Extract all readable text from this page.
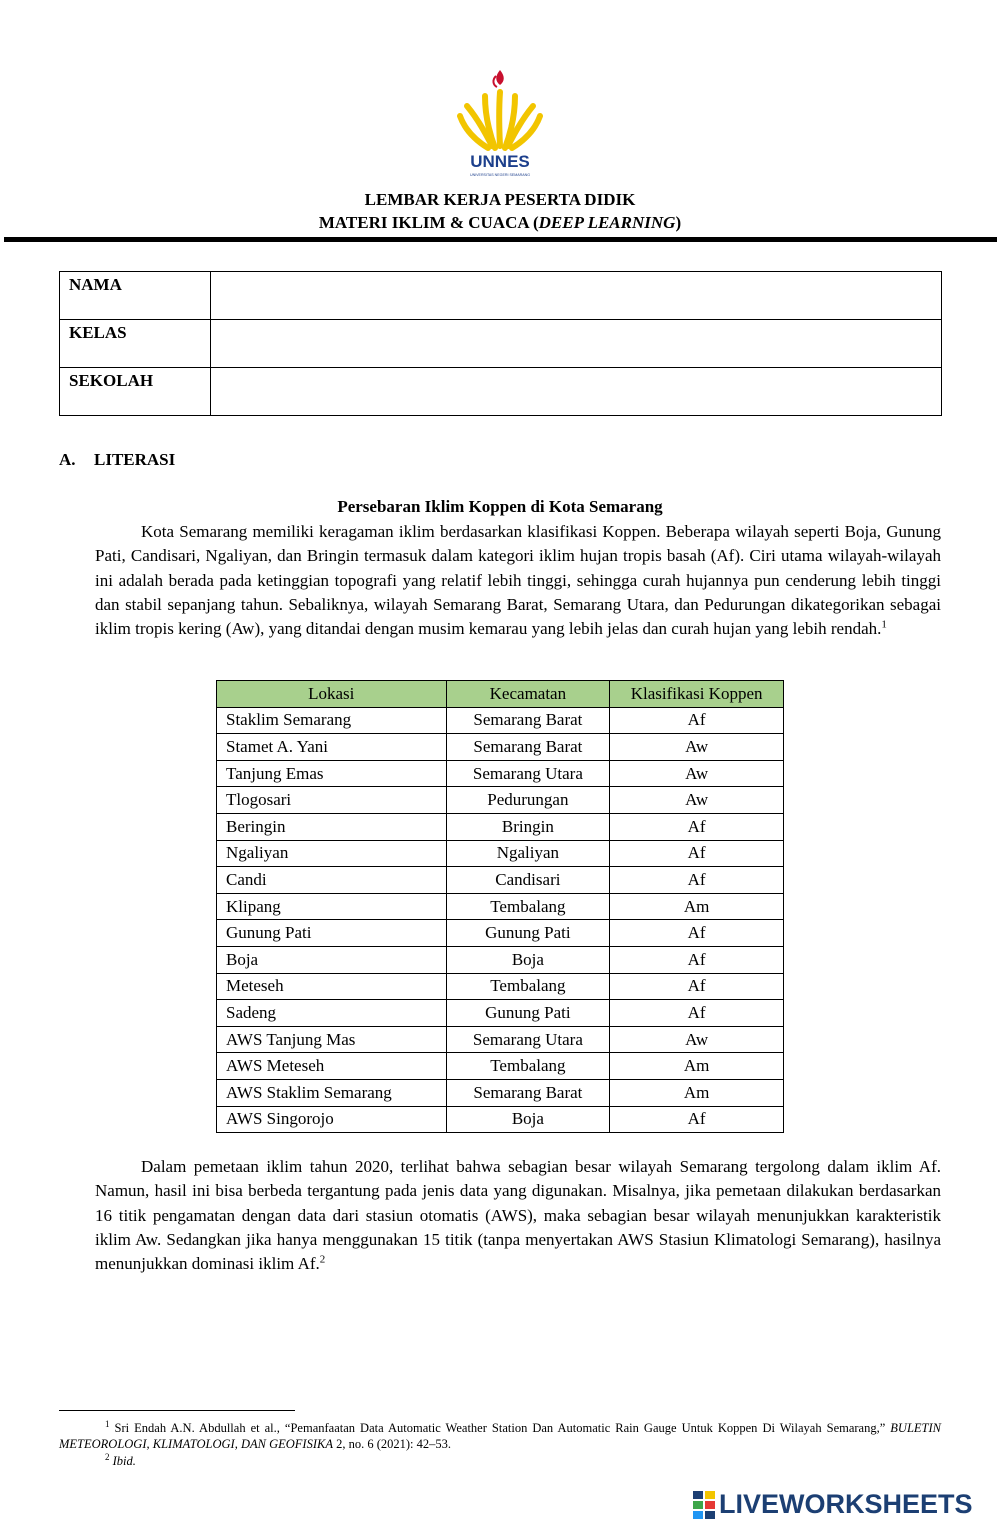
UNNES
UNIVERSITAS NEGERI SEMARANG
LEMBAR KERJA PESERTA DIDIK
MATERI IKLIM & CUACA (DEEP LEARNING)
NAMA	
KELAS	
SEKOLAH	
A. LITERASI
Persebaran Iklim Koppen di Kota Semarang

Kota Semarang memiliki keragaman iklim berdasarkan klasifikasi Koppen. Beberapa wilayah seperti Boja, Gunung Pati, Candisari, Ngaliyan, dan Bringin termasuk dalam kategori iklim hujan tropis basah (Af). Ciri utama wilayah-wilayah ini adalah berada pada ketinggian topografi yang relatif lebih tinggi, sehingga curah hujannya pun cenderung lebih tinggi dan stabil sepanjang tahun. Sebaliknya, wilayah Semarang Barat, Semarang Utara, dan Pedurungan dikategorikan sebagai iklim tropis kering (Aw), yang ditandai dengan musim kemarau yang lebih jelas dan curah hujan yang lebih rendah.$^1$

Lokasi	Kecamatan	Klasifikasi Koppen
Staklim Semarang	Semarang Barat	Af
Stamet A. Yani	Semarang Barat	Aw
Tanjung Emas	Semarang Utara	Aw
Tlogosari	Pedurungan	Aw
Beringin	Bringin	Af
Ngaliyan	Ngaliyan	Af
Candi	Candisari	Af
Klipang	Tembalang	Am
Gunung Pati	Gunung Pati	Af
Boja	Boja	Af
Meteseh	Tembalang	Af
Sadeng	Gunung Pati	Af
AWS Tanjung Mas	Semarang Utara	Aw
AWS Meteseh	Tembalang	Am
AWS Staklim Semarang	Semarang Barat	Am
AWS Singorojo	Boja	Af

Dalam pemetaan iklim tahun 2020, terlihat bahwa sebagian besar wilayah Semarang tergolong dalam iklim Af. Namun, hasil ini bisa berbeda tergantung pada jenis data yang digunakan. Misalnya, jika pemetaan dilakukan berdasarkan 16 titik pengamatan dengan data dari stasiun otomatis (AWS), maka sebagian besar wilayah menunjukkan karakteristik iklim Aw. Sedangkan jika hanya menggunakan 15 titik (tanpa menyertakan AWS Stasiun Klimatologi Semarang), hasilnya menunjukkan dominasi iklim Af.$^2$

$^1$ Sri Endah A.N. Abdullah et al., “Pemanfaatan Data Automatic Weather Station Dan Automatic Rain Gauge Untuk Koppen Di Wilayah Semarang,” BULETIN METEOROLOGI, KLIMATOLOGI, DAN GEOFISIKA 2, no. 6 (2021): 42–53.
$^2$ Ibid.
LIVEWORKSHEETS
